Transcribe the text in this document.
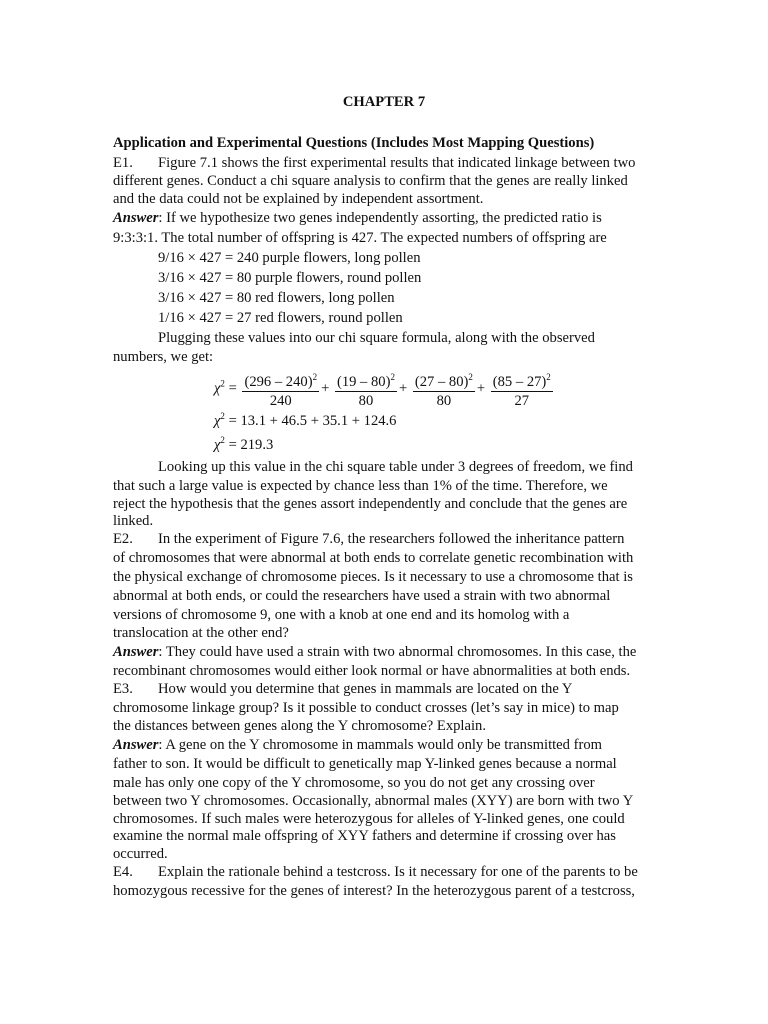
CHAPTER 7
Application and Experimental Questions (Includes Most Mapping Questions)
E1. Figure 7.1 shows the first experimental results that indicated linkage between two
different genes. Conduct a chi square analysis to confirm that the genes are really linked
and the data could not be explained by independent assortment.
Answer: If we hypothesize two genes independently assorting, the predicted ratio is
9:3:3:1. The total number of offspring is 427. The expected numbers of offspring are
9/16 × 427 = 240 purple flowers, long pollen
3/16 × 427 = 80 purple flowers, round pollen
3/16 × 427 = 80 red flowers, long pollen
1/16 × 427 = 27 red flowers, round pollen
Plugging these values into our chi square formula, along with the observed
numbers, we get:
$\chi^2 = \frac{(296 - 240)^2}{240} + \frac{(19 - 80)^2}{80} + \frac{(27 - 80)^2}{80} + \frac{(85 - 27)^2}{27}$
$\chi^2 = 13.1 + 46.5 + 35.1 + 124.6$
$\chi^2 = 219.3$
Looking up this value in the chi square table under 3 degrees of freedom, we find
that such a large value is expected by chance less than 1% of the time. Therefore, we
reject the hypothesis that the genes assort independently and conclude that the genes are
linked.
E2. In the experiment of Figure 7.6, the researchers followed the inheritance pattern
of chromosomes that were abnormal at both ends to correlate genetic recombination with
the physical exchange of chromosome pieces. Is it necessary to use a chromosome that is
abnormal at both ends, or could the researchers have used a strain with two abnormal
versions of chromosome 9, one with a knob at one end and its homolog with a
translocation at the other end?
Answer: They could have used a strain with two abnormal chromosomes. In this case, the
recombinant chromosomes would either look normal or have abnormalities at both ends.
E3. How would you determine that genes in mammals are located on the Y
chromosome linkage group? Is it possible to conduct crosses (let’s say in mice) to map
the distances between genes along the Y chromosome? Explain.
Answer: A gene on the Y chromosome in mammals would only be transmitted from
father to son. It would be difficult to genetically map Y-linked genes because a normal
male has only one copy of the Y chromosome, so you do not get any crossing over
between two Y chromosomes. Occasionally, abnormal males (XYY) are born with two Y
chromosomes. If such males were heterozygous for alleles of Y-linked genes, one could
examine the normal male offspring of XYY fathers and determine if crossing over has
occurred.
E4. Explain the rationale behind a testcross. Is it necessary for one of the parents to be
homozygous recessive for the genes of interest? In the heterozygous parent of a testcross,
